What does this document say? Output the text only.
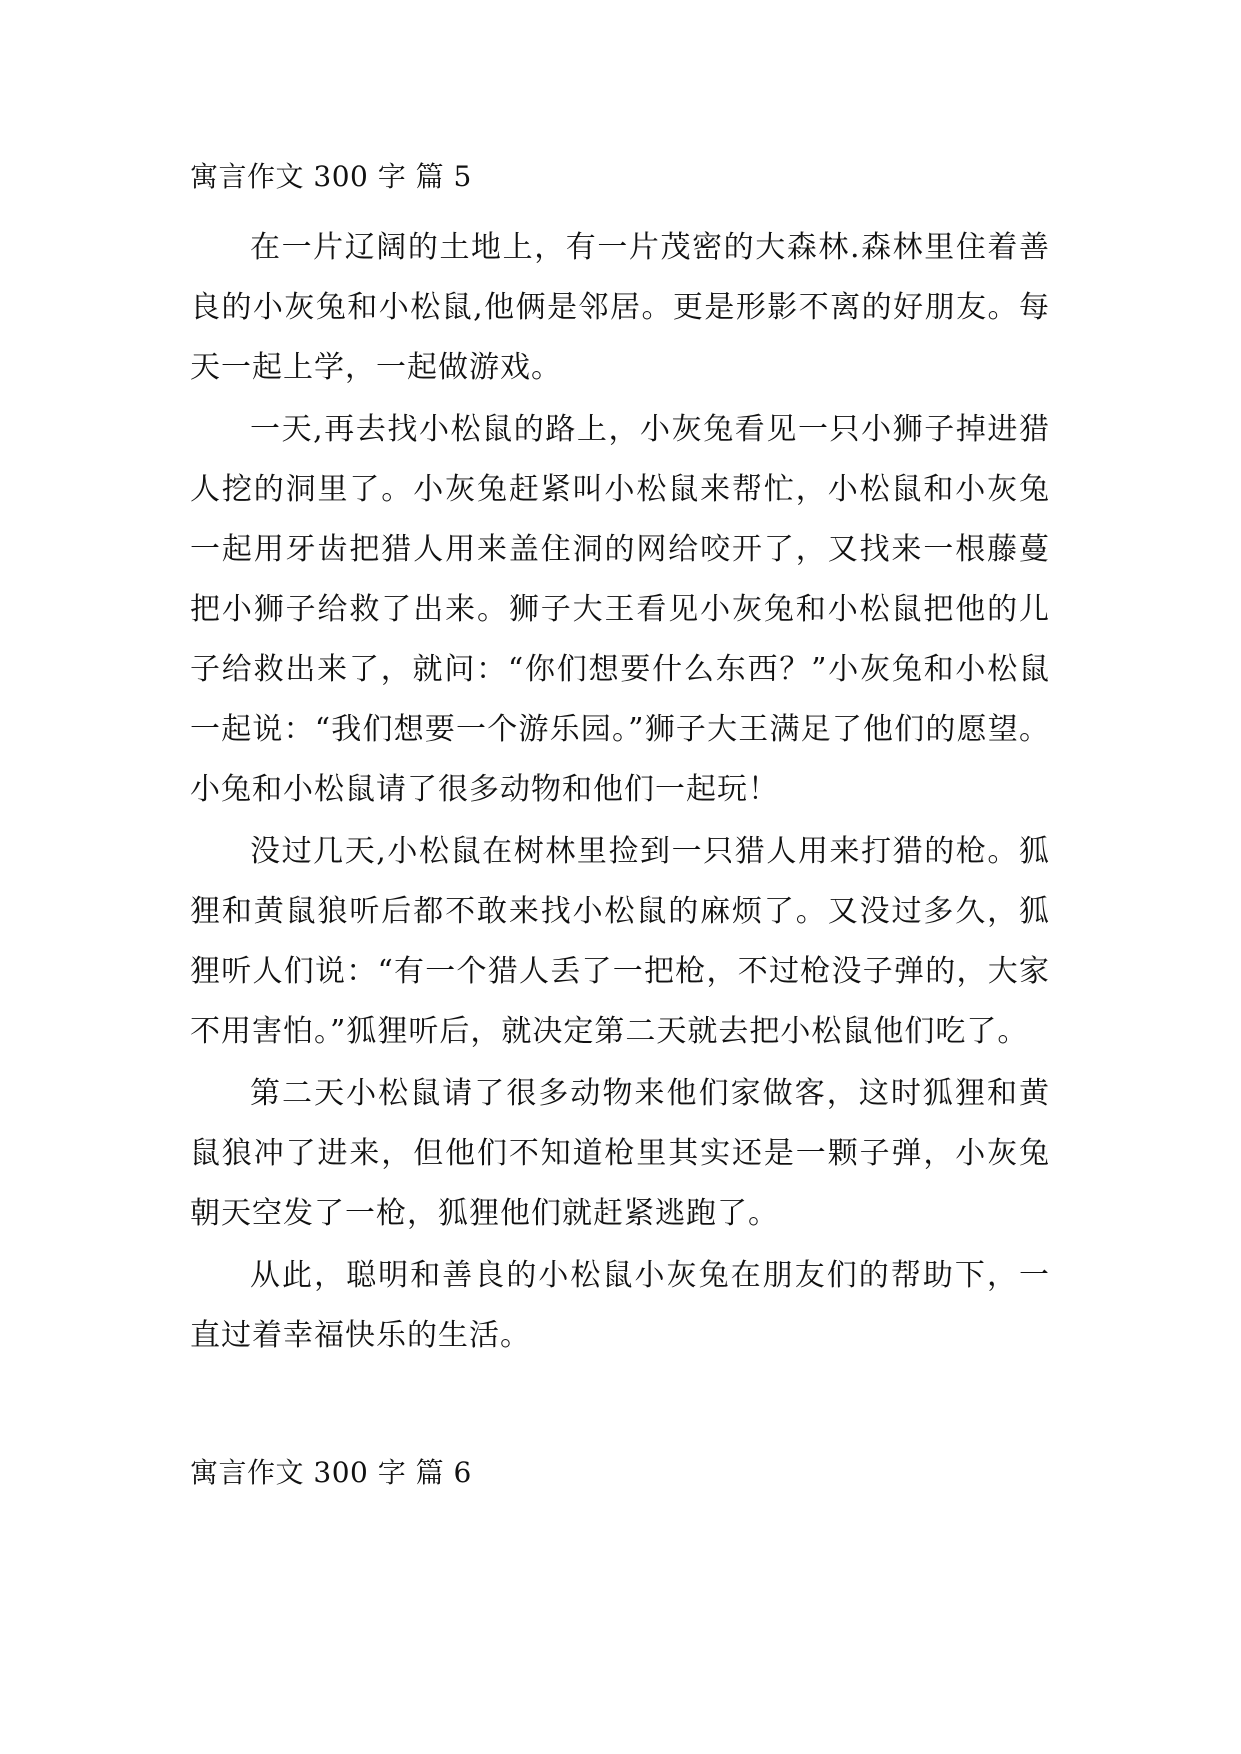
寓言作文 300 字 篇 5

在一片辽阔的土地上，有一片茂密的大森林.森林里住着善良的小灰兔和小松鼠,他俩是邻居。更是形影不离的好朋友。每天一起上学，一起做游戏。

一天,再去找小松鼠的路上，小灰兔看见一只小狮子掉进猎人挖的洞里了。小灰兔赶紧叫小松鼠来帮忙，小松鼠和小灰兔一起用牙齿把猎人用来盖住洞的网给咬开了，又找来一根藤蔓把小狮子给救了出来。狮子大王看见小灰兔和小松鼠把他的儿子给救出来了，就问：“你们想要什么东西？”小灰兔和小松鼠一起说：“我们想要一个游乐园。”狮子大王满足了他们的愿望。小兔和小松鼠请了很多动物和他们一起玩！

没过几天,小松鼠在树林里捡到一只猎人用来打猎的枪。狐狸和黄鼠狼听后都不敢来找小松鼠的麻烦了。又没过多久，狐狸听人们说：“有一个猎人丢了一把枪，不过枪没子弹的，大家不用害怕。”狐狸听后，就决定第二天就去把小松鼠他们吃了。

第二天小松鼠请了很多动物来他们家做客，这时狐狸和黄鼠狼冲了进来，但他们不知道枪里其实还是一颗子弹，小灰兔朝天空发了一枪，狐狸他们就赶紧逃跑了。

从此，聪明和善良的小松鼠小灰兔在朋友们的帮助下，一直过着幸福快乐的生活。

寓言作文 300 字 篇 6
